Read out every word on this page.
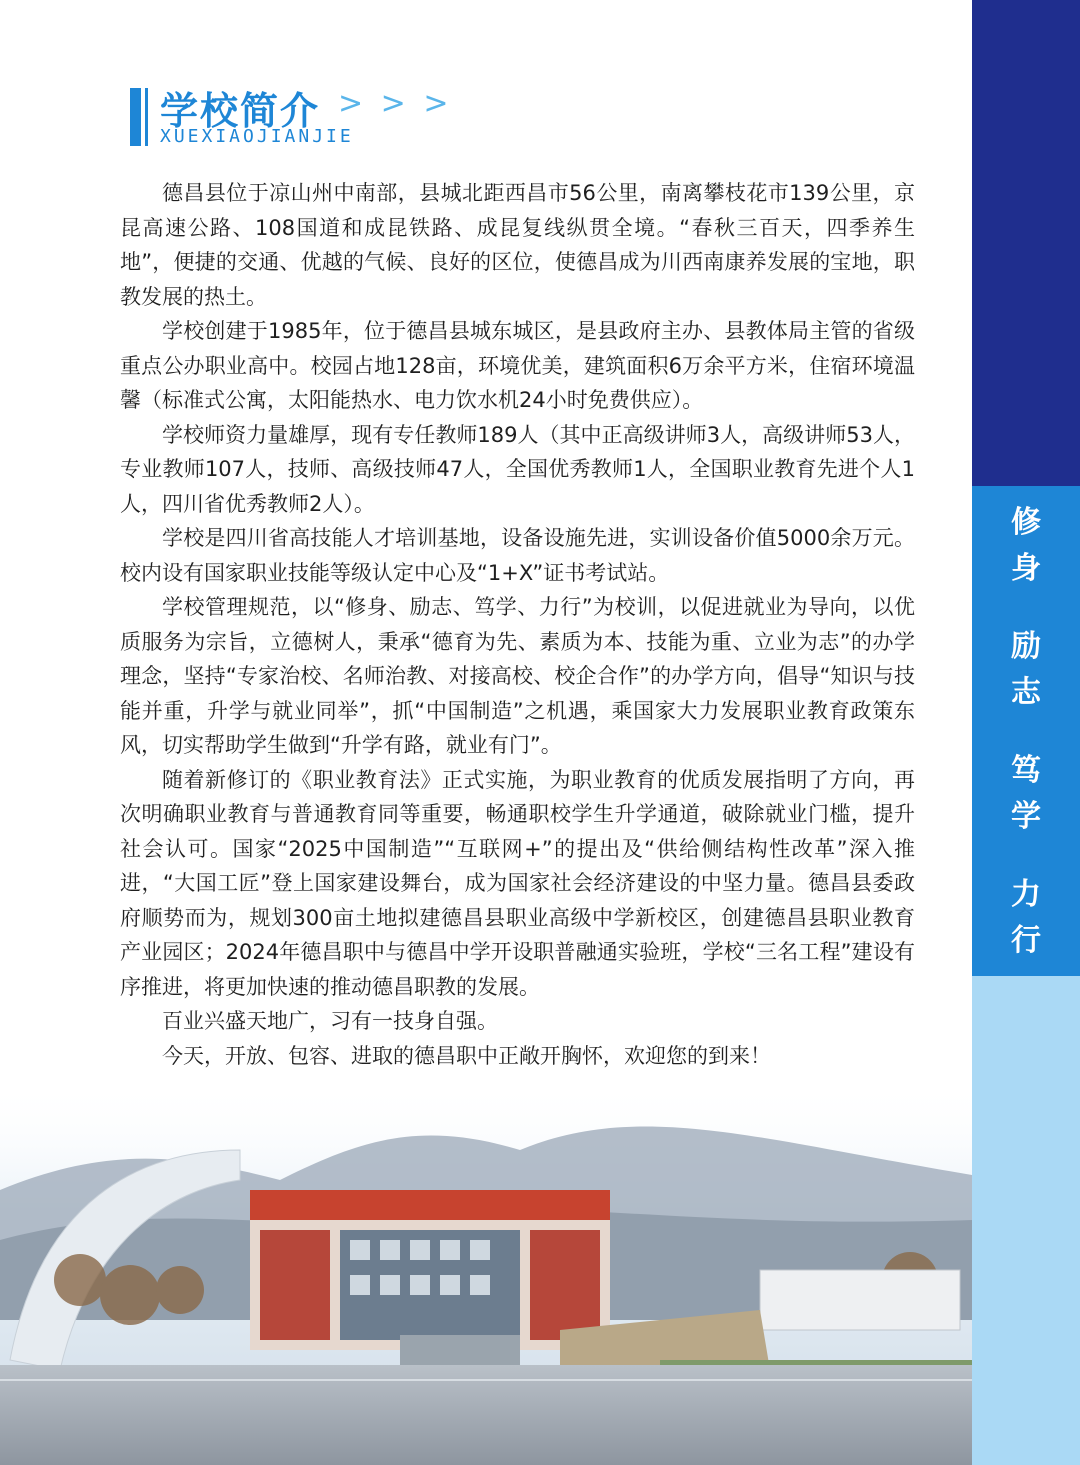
修
身
励
志
笃
学
力
行
学校简介 > > >
XUEXIAOJIANJIE

德昌县位于凉山州中南部，县城北距西昌市56公里，南离攀枝花市139公里，京昆高速公路、108国道和成昆铁路、成昆复线纵贯全境。“春秋三百天，四季养生地”，便捷的交通、优越的气候、良好的区位，使德昌成为川西南康养发展的宝地，职教发展的热土。

学校创建于1985年，位于德昌县城东城区，是县政府主办、县教体局主管的省级重点公办职业高中。校园占地128亩，环境优美，建筑面积6万余平方米，住宿环境温馨（标准式公寓，太阳能热水、电力饮水机24小时免费供应）。

学校师资力量雄厚，现有专任教师189人（其中正高级讲师3人，高级讲师53人，专业教师107人，技师、高级技师47人，全国优秀教师1人，全国职业教育先进个人1人，四川省优秀教师2人）。

学校是四川省高技能人才培训基地，设备设施先进，实训设备价值5000余万元。校内设有国家职业技能等级认定中心及“1+X”证书考试站。

学校管理规范，以“修身、励志、笃学、力行”为校训，以促进就业为导向，以优质服务为宗旨，立德树人，秉承“德育为先、素质为本、技能为重、立业为志”的办学理念，坚持“专家治校、名师治教、对接高校、校企合作”的办学方向，倡导“知识与技能并重，升学与就业同举”，抓“中国制造”之机遇，乘国家大力发展职业教育政策东风，切实帮助学生做到“升学有路，就业有门”。

随着新修订的《职业教育法》正式实施，为职业教育的优质发展指明了方向，再次明确职业教育与普通教育同等重要，畅通职校学生升学通道，破除就业门槛，提升社会认可。国家“2025中国制造”“互联网+”的提出及“供给侧结构性改革”深入推进，“大国工匠”登上国家建设舞台，成为国家社会经济建设的中坚力量。德昌县委政府顺势而为，规划300亩土地拟建德昌县职业高级中学新校区，创建德昌县职业教育产业园区；2024年德昌职中与德昌中学开设职普融通实验班，学校“三名工程”建设有序推进，将更加快速的推动德昌职教的发展。

百业兴盛天地广，习有一技身自强。

今天，开放、包容、进取的德昌职中正敞开胸怀，欢迎您的到来！
